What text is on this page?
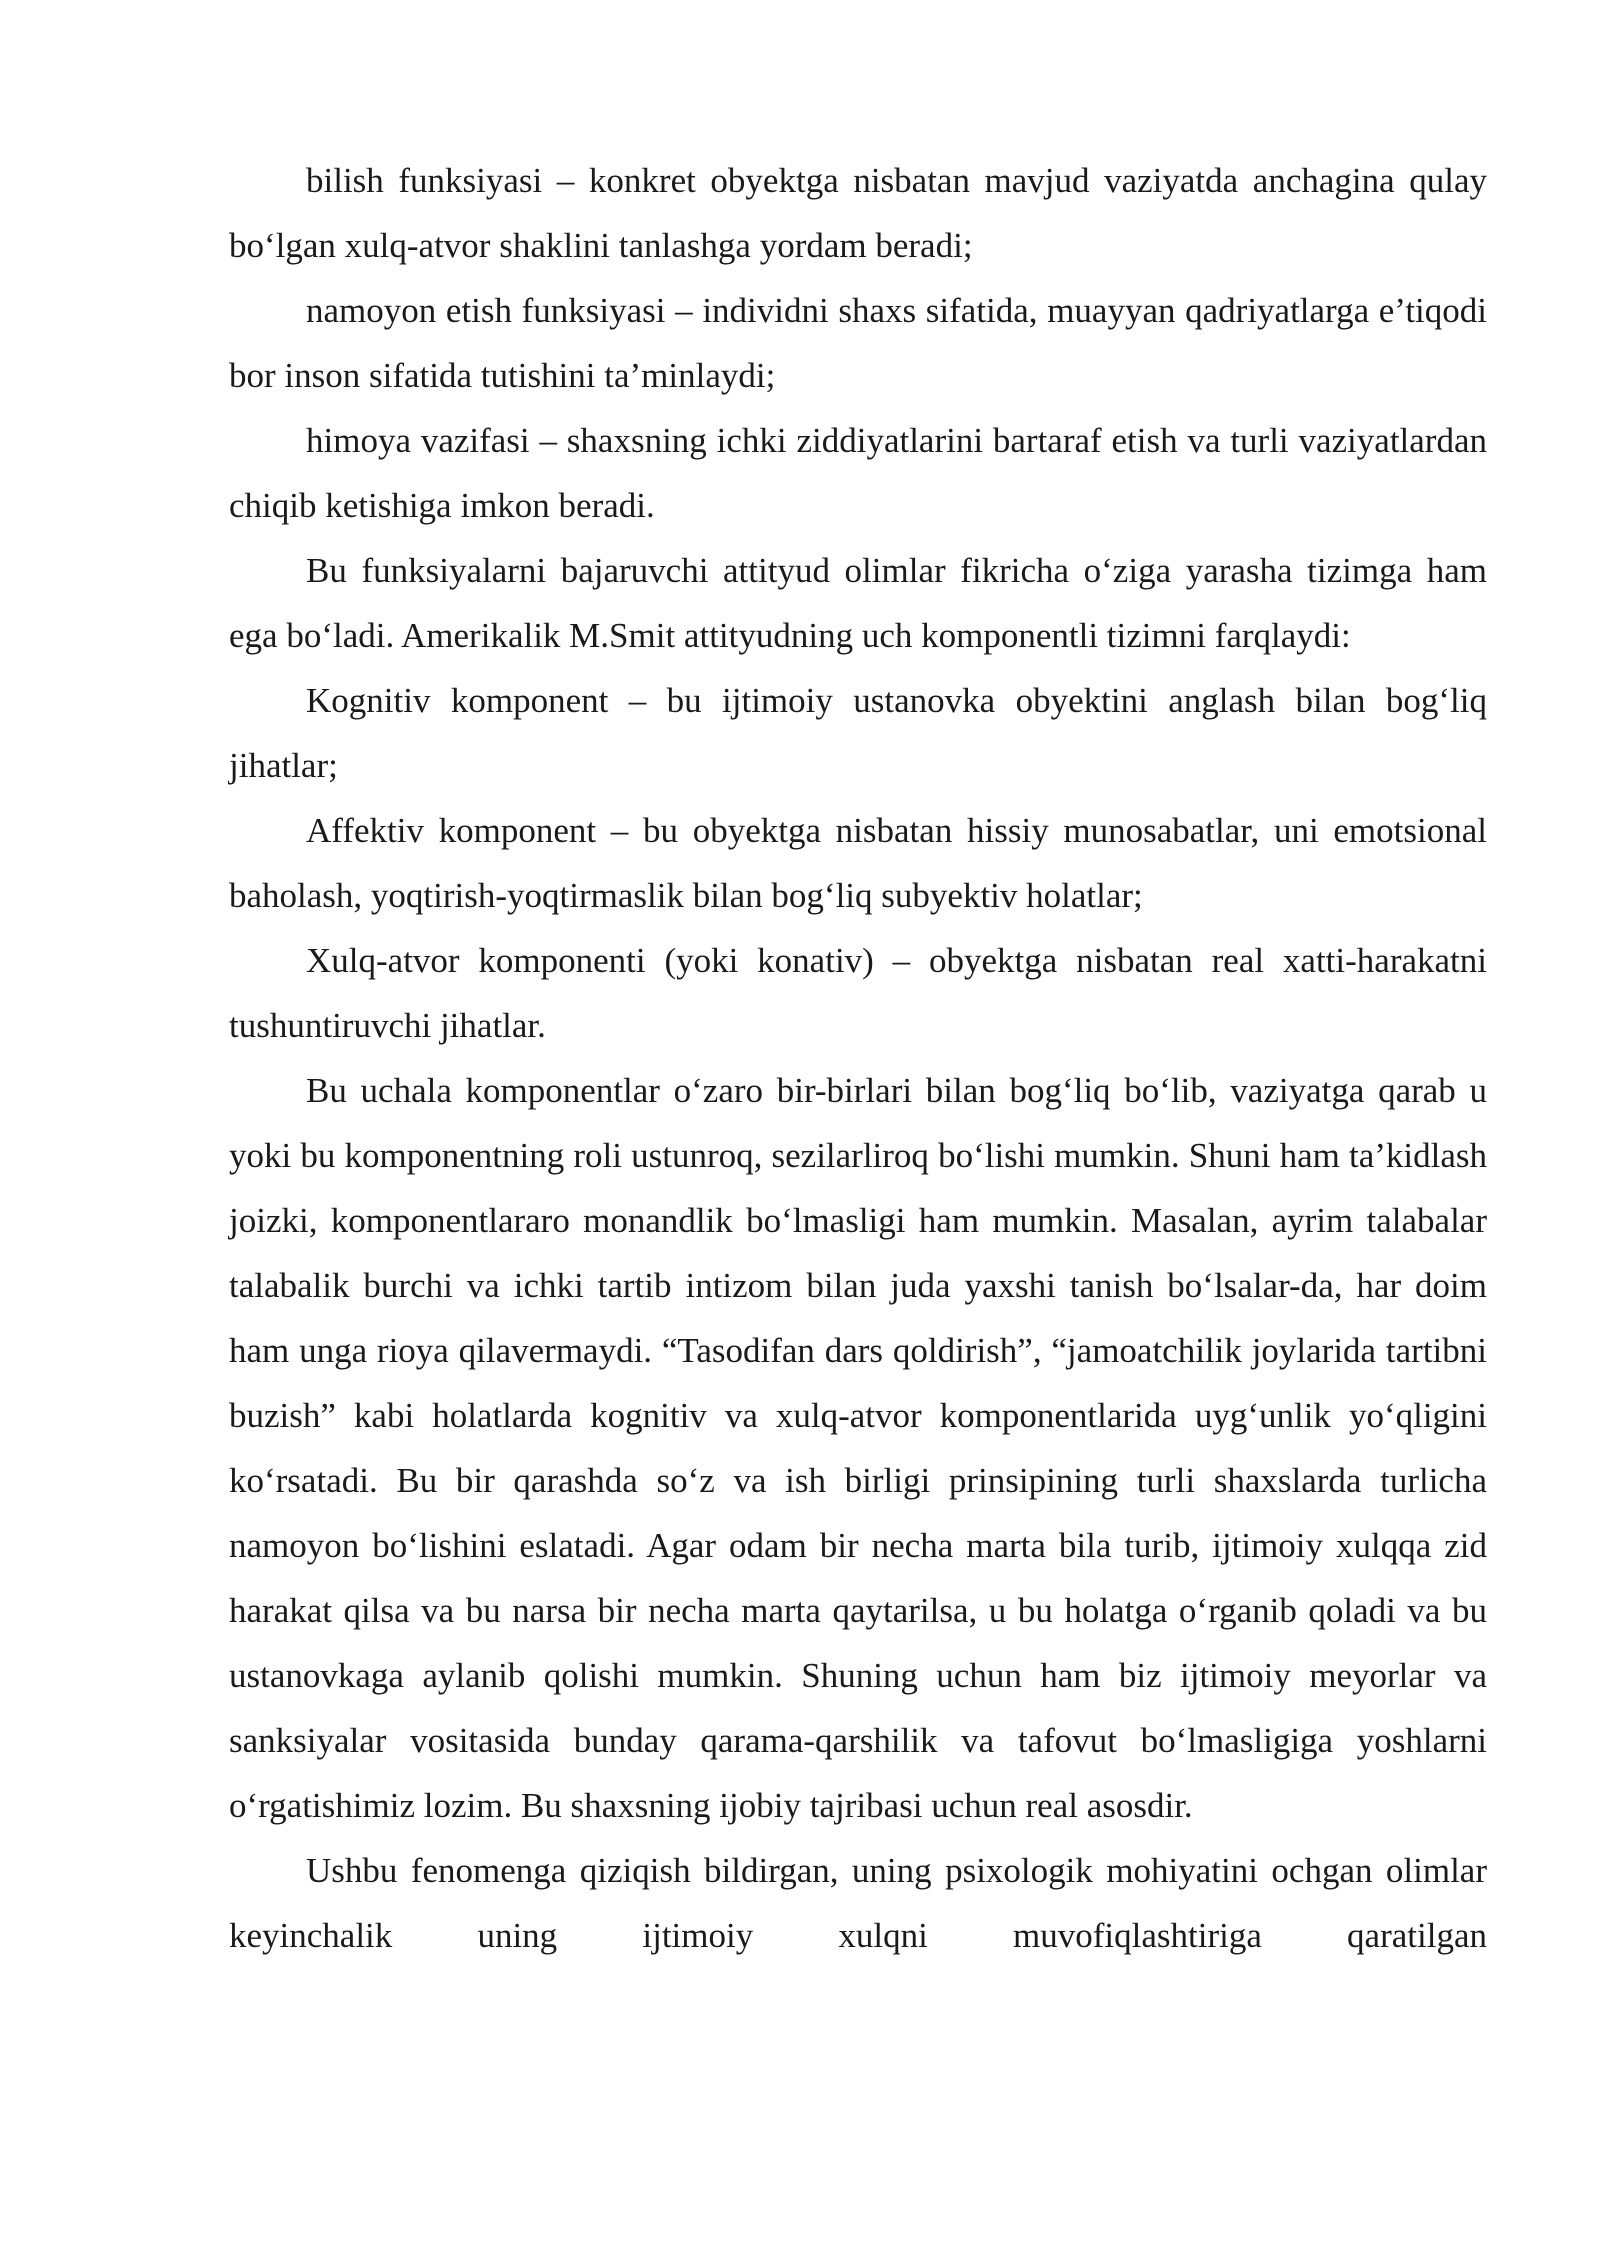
bilish funksiyasi – konkret obyektga nisbatan mavjud vaziyatda anchagina qulay bo‘lgan xulq-atvor shaklini tanlashga yordam beradi;

namoyon etish funksiyasi – individni shaxs sifatida, muayyan qadriyatlarga e’tiqodi bor inson sifatida tutishini ta’minlaydi;

himoya vazifasi – shaxsning ichki ziddiyatlarini bartaraf etish va turli vaziyatlardan chiqib ketishiga imkon beradi.

Bu funksiyalarni bajaruvchi attityud olimlar fikricha o‘ziga yarasha tizimga ham ega bo‘ladi. Amerikalik M.Smit attityudning uch komponentli tizimni farqlaydi:

Kognitiv komponent – bu ijtimoiy ustanovka obyektini anglash bilan bog‘liq jihatlar;

Affektiv komponent – bu obyektga nisbatan hissiy munosabatlar, uni emotsional baholash, yoqtirish-yoqtirmaslik bilan bog‘liq subyektiv holatlar;

Xulq-atvor komponenti (yoki konativ) – obyektga nisbatan real xatti-harakatni tushuntiruvchi jihatlar.

Bu uchala komponentlar o‘zaro bir-birlari bilan bog‘liq bo‘lib, vaziyatga qarab u yoki bu komponentning roli ustunroq, sezilarliroq bo‘lishi mumkin. Shuni ham ta’kidlash joizki, komponentlararo monandlik bo‘lmasligi ham mumkin. Masalan, ayrim talabalar talabalik burchi va ichki tartib intizom bilan juda yaxshi tanish bo‘lsalar-da, har doim ham unga rioya qilavermaydi. “Tasodifan dars qoldirish”, “jamoatchilik joylarida tartibni buzish” kabi holatlarda kognitiv va xulq-atvor komponentlarida uyg‘unlik yo‘qligini ko‘rsatadi. Bu bir qarashda so‘z va ish birligi prinsipining turli shaxslarda turlicha namoyon bo‘lishini eslatadi. Agar odam bir necha marta bila turib, ijtimoiy xulqqa zid harakat qilsa va bu narsa bir necha marta qaytarilsa, u bu holatga o‘rganib qoladi va bu ustanovkaga aylanib qolishi mumkin. Shuning uchun ham biz ijtimoiy meyorlar va sanksiyalar vositasida bunday qarama-qarshilik va tafovut bo‘lmasligiga yoshlarni o‘rgatishimiz lozim. Bu shaxsning ijobiy tajribasi uchun real asosdir.

Ushbu fenomenga qiziqish bildirgan, uning psixologik mohiyatini ochgan olimlar keyinchalik uning ijtimoiy xulqni muvofiqlashtiriga qaratilgan
